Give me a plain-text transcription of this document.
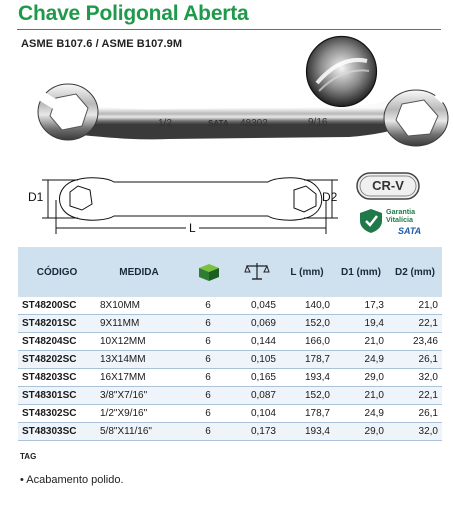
Chave Poligonal Aberta
ASME B107.6 / ASME B107.9M
1/2	SATA 48302	9/16
D1	D2
L
CR-V
Garantia
Vitalícia
SATA
CÓDIGO	MEDIDA			L (mm)	D1 (mm)	D2 (mm)
ST48200SC	8X10MM	6	0,045	140,0	17,3	21,0
ST48201SC	9X11MM	6	0,069	152,0	19,4	22,1
ST48204SC	10X12MM	6	0,144	166,0	21,0	23,46
ST48202SC	13X14MM	6	0,105	178,7	24,9	26,1
ST48203SC	16X17MM	6	0,165	193,4	29,0	32,0
ST48301SC	3/8"X7/16"	6	0,087	152,0	21,0	22,1
ST48302SC	1/2"X9/16"	6	0,104	178,7	24,9	26,1
ST48303SC	5/8"X11/16"	6	0,173	193,4	29,0	32,0
TAG
• Acabamento polido.
